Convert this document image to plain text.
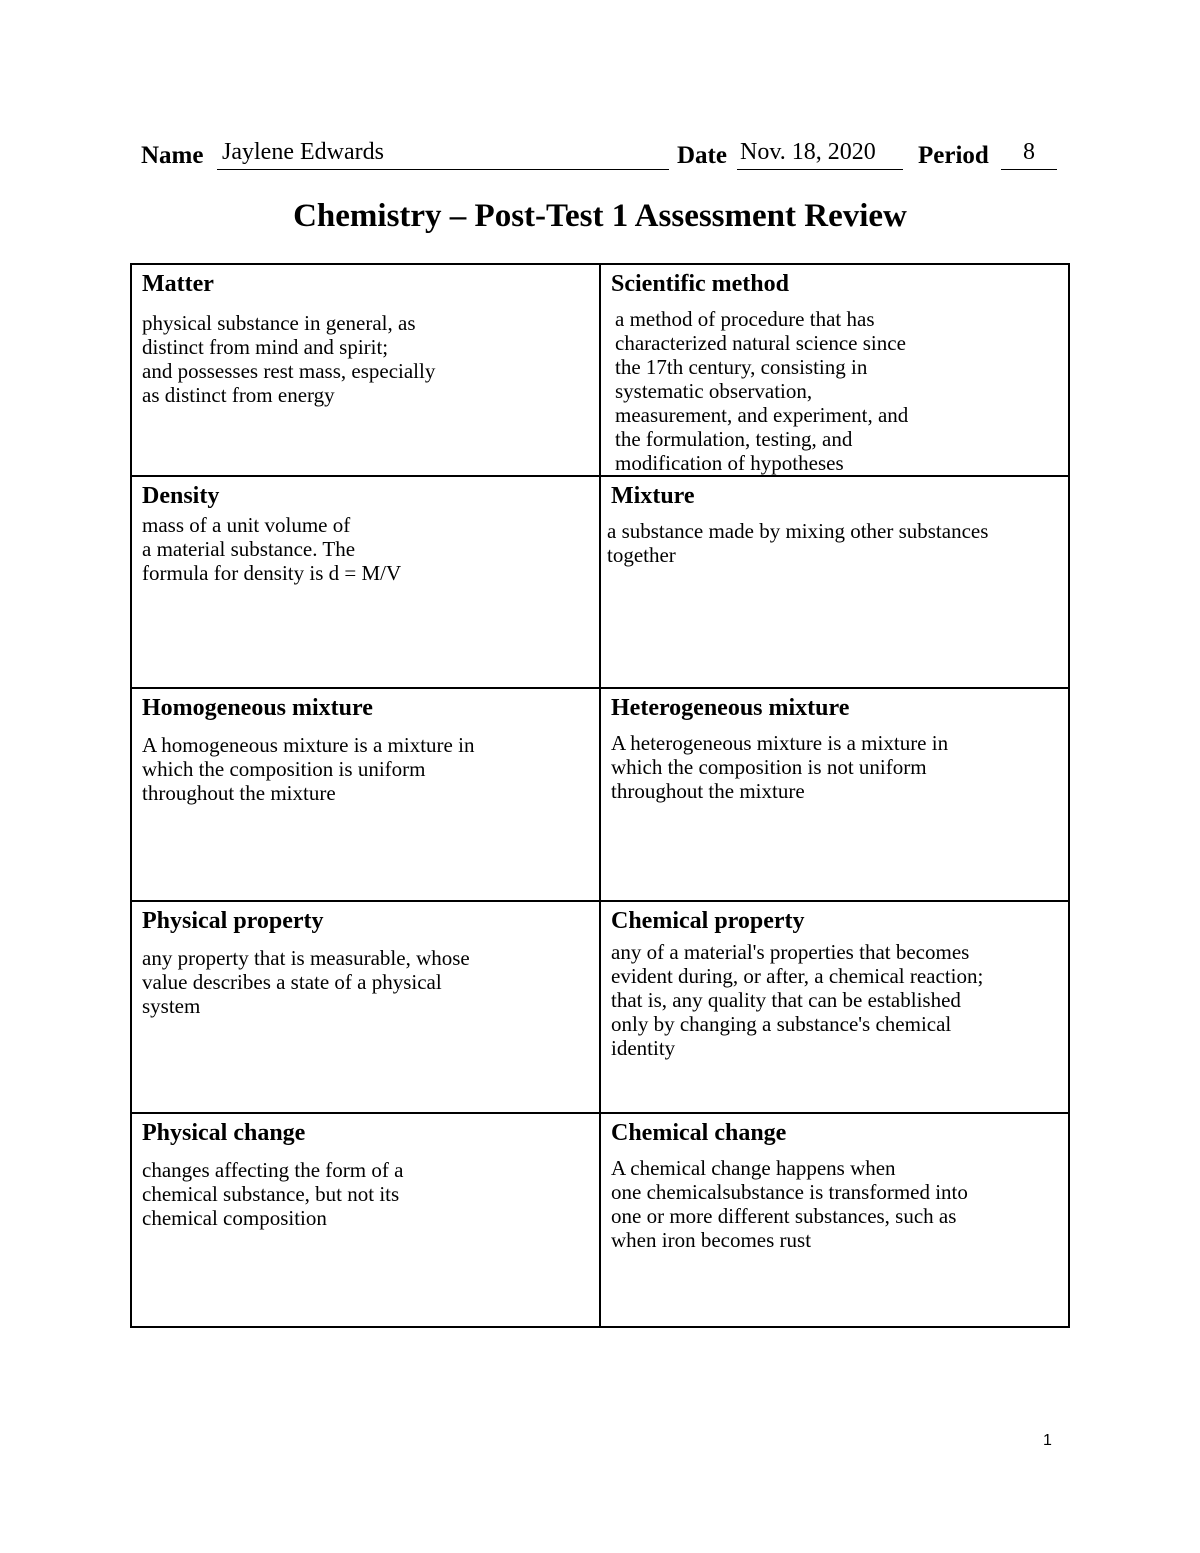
Name Jaylene Edwards	Date Nov. 18, 2020 Period 8
Chemistry – Post-Test 1 Assessment Review

Matter

physical substance in general, as
distinct from mind and spirit;
and possesses rest mass, especially
as distinct from energy

Scientific method

a method of procedure that has
characterized natural science since
the 17th century, consisting in
systematic observation,
measurement, and experiment, and
the formulation, testing, and
modification of hypotheses

Density

mass of a unit volume of
a material substance. The
formula for density is d = M/V

Mixture

a substance made by mixing other substances
together

Homogeneous mixture

A homogeneous mixture is a mixture in
which the composition is uniform
throughout the mixture

Heterogeneous mixture

A heterogeneous mixture is a mixture in
which the composition is not uniform
throughout the mixture

Physical property

any property that is measurable, whose
value describes a state of a physical
system

Chemical property

any of a material's properties that becomes
evident during, or after, a chemical reaction;
that is, any quality that can be established
only by changing a substance's chemical
identity

Physical change

changes affecting the form of a
chemical substance, but not its
chemical composition

Chemical change

A chemical change happens when
one chemicalsubstance is transformed into
one or more different substances, such as
when iron becomes rust

1
